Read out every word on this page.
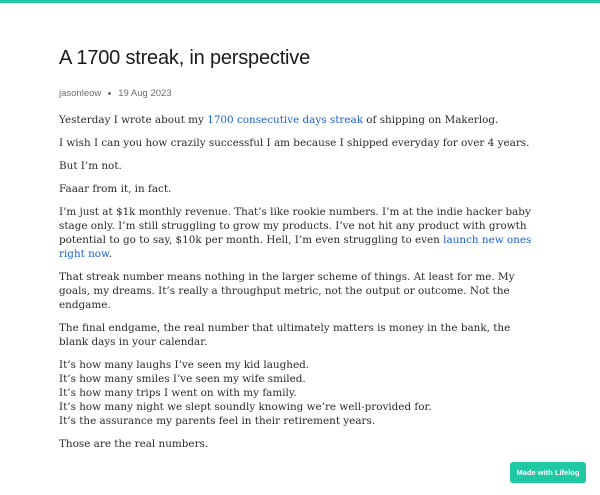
A 1700 streak, in perspective
jasonleow 19 Aug 2023

Yesterday I wrote about my 1700 consecutive days streak of shipping on Makerlog.

I wish I can you how crazily successful I am because I shipped everyday for over 4 years.

But I’m not.

Faaar from it, in fact.

I’m just at $1k monthly revenue. That’s like rookie numbers. I’m at the indie hacker baby stage only. I’m still struggling to grow my products. I’ve not hit any product with growth potential to go to say, $10k per month. Hell, I’m even struggling to even launch new ones right now.

That streak number means nothing in the larger scheme of things. At least for me. My goals, my dreams. It’s really a throughput metric, not the output or outcome. Not the endgame.

The final endgame, the real number that ultimately matters is money in the bank, the blank days in your calendar.

It’s how many laughs I’ve seen my kid laughed.
It’s how many smiles I’ve seen my wife smiled.
It’s how many trips I went on with my family.
It’s how many night we slept soundly knowing we’re well-provided for.
It’s the assurance my parents feel in their retirement years.

Those are the real numbers.

Made with Lifelog
